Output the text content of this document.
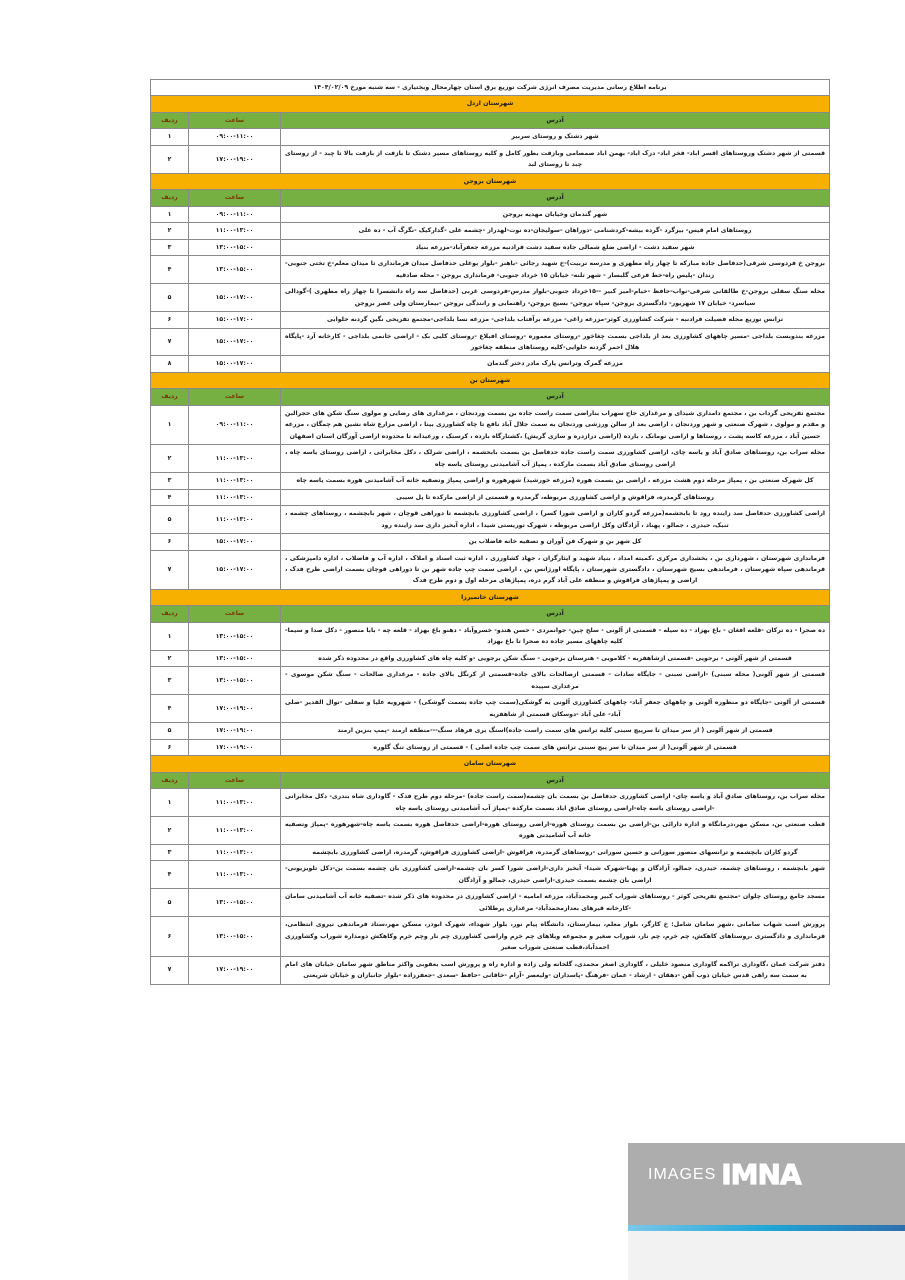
برنامه اطلاع رسانی مدیریت مصرف انرژی شرکت توزیع برق استان چهارمحال وبختیاری - سه شنبه مورخ ۱۴۰۴/۰۲/۰۹		
شهرستان اردل		
آدرس	ساعت	ردیف
شهر دشتک و روستای سربیر	۰۹:۰۰-۱۱:۰۰	۱
قسمتی از شهر دشتک وروستاهای اقسر اباد- فخر اباد- دزک اباد- بهمن اباد صمصامی وبازفت بطور کامل و کلیه روستاهای مسیر دشتک تا بازفت از بازفت بالا تا چبد - از روستای چبد تا روستای لبد	۱۷:۰۰-۱۹:۰۰	۲
شهرستان بروجن		
آدرس	ساعت	ردیف
شهر گندمان وخیابان مهدیه بروجن	۰۹:۰۰-۱۱:۰۰	۱
روستاهای امام قیس- بیزگرد -گرده بیشه-کردشنامی -دوراهان -سولیجان-ده نوت-لهدراز -چشمه علی -گداركیک -نگرگ آب - ده علی	۱۱:۰۰-۱۳:۰۰	۲
شهر سفید دشت - اراضی ضلع شمالی جاده سفید دشت فرادنبه مزرعه جعفرآباد-مزرعه بنیاد	۱۳:۰۰-۱۵:۰۰	۳
بروجن خ فردوسی شرقی(حدفاصل جاده مبارکه تا چهار راه مطهری و مدرسه تربیت)-خ شهید رجائی -باهنر -بلوار بوعلی حدفاصل میدان فرمانداری تا میدان معلم-خ تختی جنوبی-زندان -پلیس راه-خط فرعی گلبسار - شهر تلنه- خیابان ۱۵ خرداد جنوبی- فرمانداری بروجن - محله صادقیه	۱۳:۰۰-۱۵:۰۰	۴
محله سنگ سفلی بروجن-خ طالقانی شرقی-نواب-حافظ -خیام-امیر کبیر --۱۵خرداد جنوبی-بلوار مدرس-فردوسی غربی (حدفاصل سه راه دانشسرا تا چهار راه مطهری )-گودالی سیاسرد- خیابان ۱۷ شهریور- دادگستری بروجن- سپاه بروجن- بسیج بروجن- راهنمایی و رانندگی بروجن -بیمارستان ولی عصر بروجن	۱۵:۰۰-۱۷:۰۰	۵
ترانس توزیع محله فضیلت فرادنبه - شرکت کشاورزی کوثر-مزرعه زاغی- مزرعه برآفتاب بلداجی- مزرعه نسا بلداجی-مجتمع تفریحی نگین گردنه حلوایی	۱۵:۰۰-۱۷:۰۰	۶
مزرعه بندوبست بلداجی -مسیر چاههای کشاورزی بعد از بلداجی بسمت چغاخور -روستای معموره -روستای افبلاغ -روستای كلبی بک - اراضی خانمی بلداجی - کارخانه آرد -پایگاه هلال احمر گردنه حلوایی-کلیه روستاهای منطقه چغاخور	۱۵:۰۰-۱۷:۰۰	۷
مزرعه گمرک وترانس پارک مادر دختر گندمان	۱۵:۰۰-۱۷:۰۰	۸
شهرستان بن		
آدرس	ساعت	ردیف
مجتمع تفریحی گرداب بن ، مجتمع دامداری شیدای و مرغداری حاج سهراب بناراضی سمت راست جاده بن بسمت وردنجان ، مرغداری های رضایی و مولوی سنگ شکن های حجرالبن و مقدم و مولوی ، شهرک صنعتی و شهر وردنجان ، اراضی بعد از سالن ورزشی وردنجان به سمت جلال آباد نافع تا چاه کشاورزی بینا ، اراضی مزارع شاه نشین هم چمگان ، مزرعه حسین آباد ، مزرعه کاسه پشت ، روستاها و اراضی نومانک ، بارده (اراضی درازدره و ساری گریش) ،کشتارگاه بارده ، کرسنک ، ورعیدانه تا محدوده اراضی آورگان استان اصفهان	۰۹:۰۰-۱۱:۰۰	۱
محله سراب بن، روستاهای صادق آباد و یاسه چای، اراضی کشاورزی سمت راست جاده حدفاصل بن بسمت بابحشمه ، اراضی شرلک ، دکل مخابراتی ، اراضی روستای یاسه چاه ، اراضی روستای صادق آباد بسمت مارکده ، پمپاژ آب آشامیدنی روستای یاسه چاه	۱۱:۰۰-۱۳:۰۰	۲
کل شهرک صنعتی بن ، پمپاژ مرحله دوم هشت مزرعه ، اراضی بن بسمت هوره (مزرعه خورشید) شهرهوره و اراضی پمپاژ وتصفیه خانه آب آشامیدنی هوره بسمت یاسه چاه	۱۱:۰۰-۱۳:۰۰	۳
روستاهای گرمدره، فراقوش و اراضی کشاورزی مربوطه، گرمدره و قسمتی از اراضی مارکده تا پل سیبی	۱۱:۰۰-۱۳:۰۰	۴
اراضی کشاورزی حدفاصل سد زاینده رود تا بابحشمه(مزرعه گردو کاران و اراضی شورا کسر) ، اراضی کشاورزی بابچشمه تا دوراهی قوچان ، شهر بابچشمه ، روستاهای چشمه ، تنیک، حیدری ، جمالو ، پهناد ، آزادگان وکل اراضی مربوطه ، شهرک توریستی شیدا ، اداره آبخیز داری سد زاینده رود	۱۱:۰۰-۱۳:۰۰	۵
کل شهر بن و شهرک فن آوران و تصفیه خانه فاضلاب بن	۱۵:۰۰-۱۷:۰۰	۶
فرمانداری شهرستان ، شهرداری بن ، بخشداری مرکزی ،کمیته امداد ، بنیاد شهید و ایثارگران ، جهاد کشاورزی ، اداره ثبت اسناد و املاک ، اداره آب و فاضلاب ، اداره دامپزشکی ، فرماندهی سپاه شهرستان ، فرماندهی بسیج شهرستان ، دادگستری شهرستان ، پایگاه اورژانس بن ، اراضی سمت چپ جاده شهر بن تا دوراهی قوچان بسمت اراضی طرح فدک ، اراضی و پمپاژهای فراقوش و منطقه علی آباد گرم دره، پمپاژهای مرحله اول و دوم طرح فدک	۱۵:۰۰-۱۷:۰۰	۷
شهرستان خانمیرزا		
آدرس	ساعت	ردیف
ده صحرا - ده ترکان -قلعه افغان - باغ بهزاد - ده سیله - قسمتی از آلونی - سلح چین- جوانمردی - حسن هندو- خسروآباد - دهنو باغ بهزاد - قلعه چه - بابا منصور - دکل صدا و سیما-کلیه چاههای مسیر جاده ده صحرا تا باغ بهزاد	۱۳:۰۰-۱۵:۰۰	۱
قسمتی از شهر آلونی - برجویی -قسمتی ازشاهفربه - کلامویی - هنرستان برجویی - سنگ شکن برجویی -و کلیه چاه های کشاورزی واقع در محدوده ذکر شده	۱۳:۰۰-۱۵:۰۰	۲
قسمتی از شهر آلونی( محله سبنی) -اراضی سبنی - جایگاه سادات - قسمتی ازصالحات بالای جاده-قسمتی از کرنگل بالای جاده - مرغداری صالحات - سنگ شکن موسوی - مرغداری سپیده	۱۳:۰۰-۱۵:۰۰	۳
قسمتی از آلونی -جایگاه دو منظوره آلونی و چاههای جعفر آباد- چاههای کشاورزی آلونی به گوشکی(سمت چپ جاده بسمت گوشکی) - شهرویه علیا و سفلی -نوال الفدیر -صلی آباد- علی آباد -دوسکان قسمتی از شاهفربه	۱۷:۰۰-۱۹:۰۰	۴
قسمتی از شهر آلونی ( از سر میدان تا سرپیچ سبنی کلیه ترانس های سمت راست جاده)اسنگ بری فرهاد سنگ---منطقه ارمند -پمپ بنزین ارمند	۱۷:۰۰-۱۹:۰۰	۵
قسمتی از شهر آلونی( از سر میدان تا سر پیچ سبنی ترانس های سمت چپ جاده اصلی ) - قسمتی از روستای تنگ گلوره	۱۷:۰۰-۱۹:۰۰	۶
شهرستان سامان		
آدرس	ساعت	ردیف
محله سراب بن، روستاهای صادق آباد و یاسه چای- اراضی کشاورزی حدفاصل بن بسمت بان چشمه(سمت راست جاده) -مرحله دوم طرح فدک - گاوداری شاه بندری- دکل مخابراتی -اراضی روستای یاسه چاه-اراضی روستای صادق اباد بسمت مارکده -پمپاژ آب آشامیدنی روستای یاسه چاه	۱۱:۰۰-۱۳:۰۰	۱
قطب صنعتی بن، مسکن مهر،درمانگاه و اداره دارائی بن-اراضی بن بسمت روستای هوره-اراضی روستای هوره-اراضی حدفاصل هوره بسمت یاسه چاه-شهرهوره -پمپاژ وتصفیه خانه آب آشامیدنی هوره	۱۱:۰۰-۱۳:۰۰	۲
گردو کاران بابچشمه و ترانسهای منصور سورانی و حسین سورانی -روستاهای گرمدره، فراقوش -اراضی کشاورزی فراقوش، گرمدره، اراضی کشاورزی بابچشمه	۱۱:۰۰-۱۳:۰۰	۳
شهر بابچشمه ، روستاهای چشمه، حیدری، جمالو، آزادگان و پهنا-شهرک شیدا- آبخیز داری-اراضی شورا کسر بان چشمه-اراضی کشاورزی بان چشمه بسمت بن-دکل تلویزیونی-اراضی بان چشمه بسمت حیدری-اراضی حیدری، جمالو و آزادگان	۱۱:۰۰-۱۳:۰۰	۴
مسجد جامع روستای چلوان -مجتمع تفریحی کوثر - روستاهای شوراب کبیر ومحمدآباد، مزرعه امامیه - اراضی کشاورزی در محدوده های ذکر شده -تصفیه خانه آب آشامیدنی سامان -کارخانه قیرهای بعدازمحمدآباد- مرغداری پرطلائی	۱۳:۰۰-۱۵:۰۰	۵
پرورش اسب شهاب سامانی ،شهر سامان شامل: خ کارگر، بلوار معلم، بیمارستان، دانشگاه پیام نور، بلوار شهداء، شهرک ابوذر، مسکن مهر،ستاد فرماندهی نیروی انتظامی، فرمانداری و دادگستری ،روستاهای کاهکش، چم خرم، چم نار، شوراب صغیر و مجموعه ویلاهای چم خرم واراضی کشاورزی چم نار وچم خرم وکاهکش دومداره شوراب وکشاورزی احمدآباد،قطب صنعتی شوراب صغیر	۱۳:۰۰-۱۵:۰۰	۶
دفتر شرکت عمان ،گاوداری تراکمه گاوداری منصود خلیلی ، گاوداری اصغر محمدی، گلخانه ولی زاده و اداره راه و پرورش اسب بعقوبی واکثر مناطق شهر سامان خیابان های امام به سمت سه راهی قدس خیابان ذوب آهن -دهقان - ارشاد - عمان -فرهنگ -پاسداران -ولیعصر -آرام -خاقانی -حافظ -سعدی -جعفرزاده -بلوار جانبازان و خیابان شریعتی	۱۷:۰۰-۱۹:۰۰	۷
IMNA
IMAGES
